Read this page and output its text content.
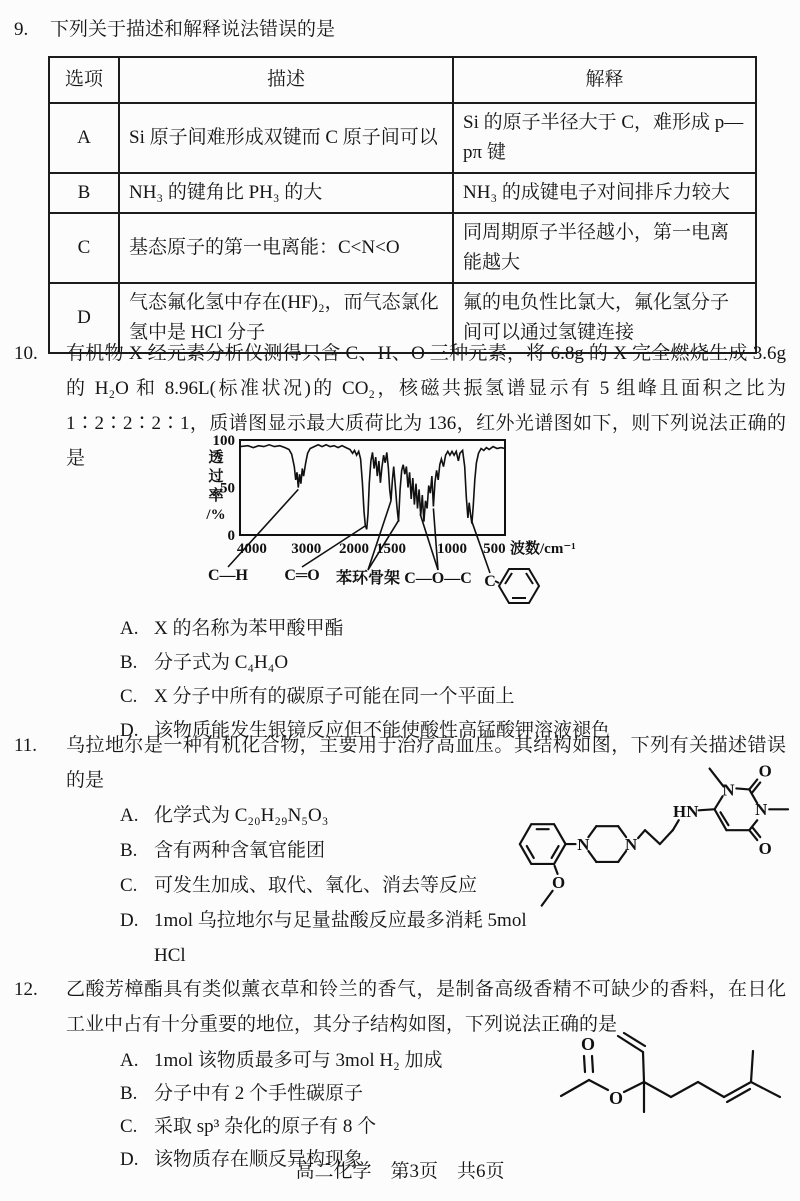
9.	下列关于描述和解释说法错误的是
选项	描述	解释
A	Si 原子间难形成双键而 C 原子间可以	Si 的原子半径大于 C，难形成 p—pπ 键
B	NH₃ 的键角比 PH₃ 的大	NH₃ 的成键电子对间排斥力较大
C	基态原子的第一电离能：C<N<O	同周期原子半径越小，第一电离能越大
D	气态氟化氢中存在(HF)₂，而气态氯化氢中是 HCl 分子	氟的电负性比氯大，氟化氢分子间可以通过氢键连接
10.	有机物 X 经元素分析仪测得只含 C、H、O 三种元素，将 6.8g 的 X 完全燃烧生成 3.6g 的 H₂O 和 8.96L(标准状况)的 CO₂，核磁共振氢谱显示有 5 组峰且面积之比为 1∶2∶2∶2∶1，质谱图显示最大质荷比为 136，红外光谱图如下，则下列说法正确的是	透
过
率
/%
100
50
0
4000 3000 2000 1500 1000 500 波数/cm⁻¹
C—H C═O 苯环骨架 C—O—C C
A. X 的名称为苯甲酸甲酯
B. 分子式为 C₄H₄O
C. X 分子中所有的碳原子可能在同一个平面上
D. 该物质能发生银镜反应但不能使酸性高锰酸钾溶液褪色
11.	乌拉地尔是一种有机化合物，主要用于治疗高血压。其结构如图，下列有关描述错误的是
A. 化学式为 C₂₀H₂₉N₅O₃
B. 含有两种含氧官能团
C. 可发生加成、取代、氧化、消去等反应
D. 1mol 乌拉地尔与足量盐酸反应最多消耗 5mol HCl
O
N N
HN
N
N
O
O
12.	乙酸芳樟酯具有类似薰衣草和铃兰的香气，是制备高级香精不可缺少的香料，在日化工业中占有十分重要的地位，其分子结构如图，下列说法正确的是
A. 1mol 该物质最多可与 3mol H₂ 加成
B. 分子中有 2 个手性碳原子
C. 采取 sp³ 杂化的原子有 8 个
D. 该物质存在顺反异构现象
O
O
高二化学　第3页　共6页
